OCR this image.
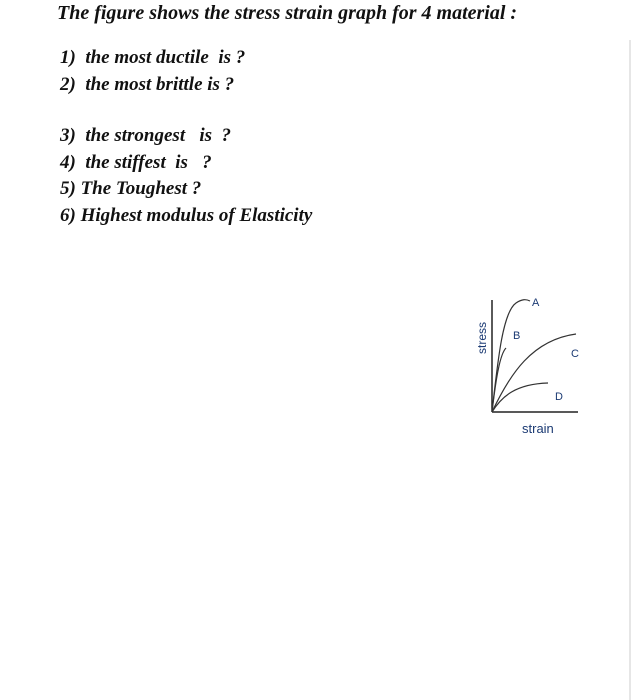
The figure shows the stress strain graph for 4 material :
1)  the most ductile  is ?
2)  the most brittle is ?
3)  the strongest   is  ?
4)  the stiffest  is   ?
5) The Toughest ?
6) Highest modulus of Elasticity
A
B
C
D
stress
strain
